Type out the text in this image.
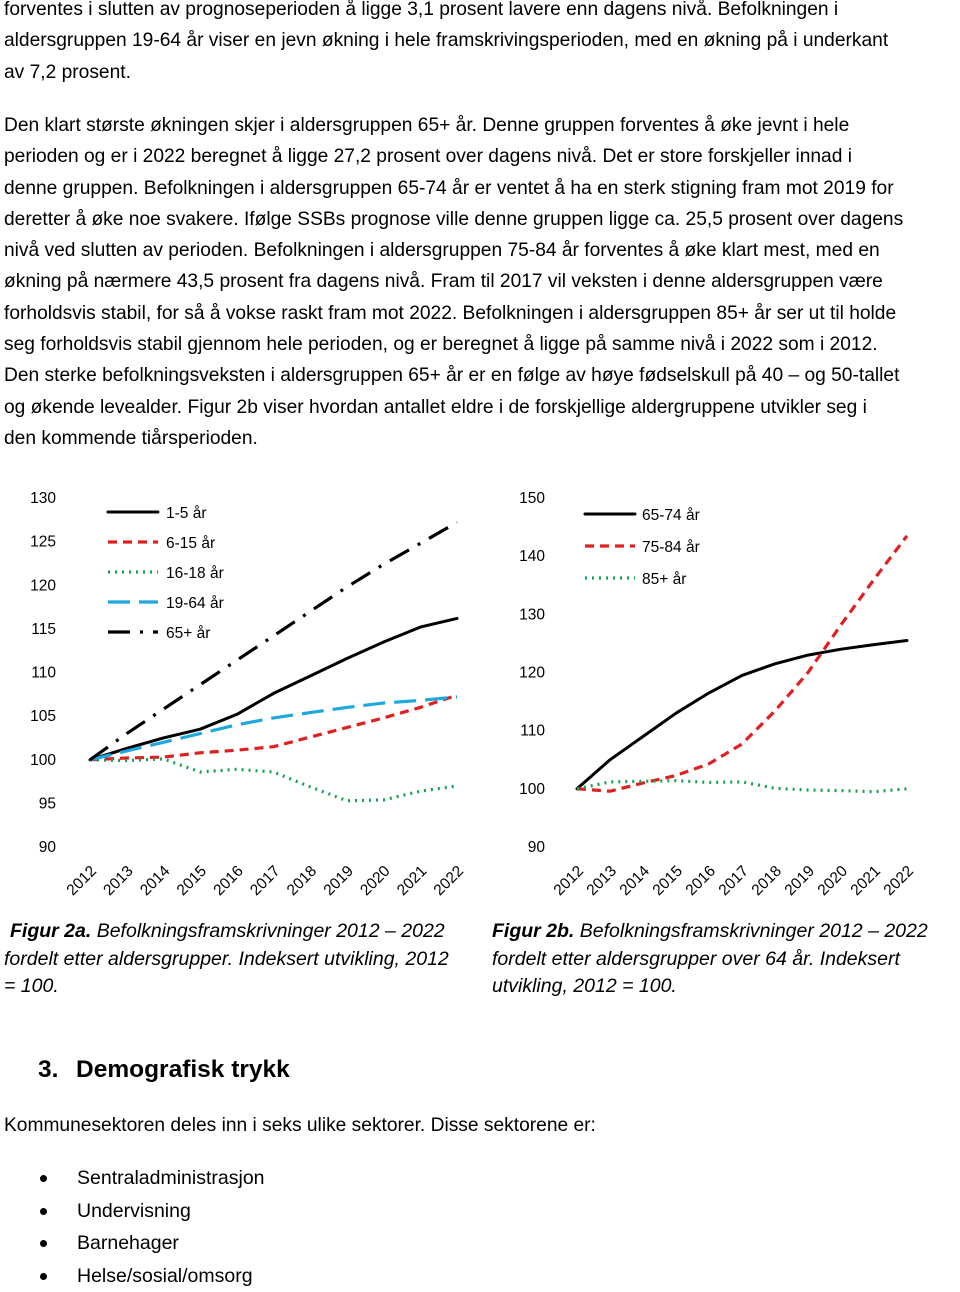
forventes i slutten av prognoseperioden å ligge 3,1 prosent lavere enn dagens nivå. Befolkningen i
aldersgruppen 19-64 år viser en jevn økning i hele framskrivingsperioden, med en økning på i underkant
av 7,2 prosent.

Den klart største økningen skjer i aldersgruppen 65+ år. Denne gruppen forventes å øke jevnt i hele
perioden og er i 2022 beregnet å ligge 27,2 prosent over dagens nivå. Det er store forskjeller innad i
denne gruppen. Befolkningen i aldersgruppen 65-74 år er ventet å ha en sterk stigning fram mot 2019 for
deretter å øke noe svakere. Ifølge SSBs prognose ville denne gruppen ligge ca. 25,5 prosent over dagens
nivå ved slutten av perioden. Befolkningen i aldersgruppen 75-84 år forventes å øke klart mest, med en
økning på nærmere 43,5 prosent fra dagens nivå. Fram til 2017 vil veksten i denne aldersgruppen være
forholdsvis stabil, for så å vokse raskt fram mot 2022. Befolkningen i aldersgruppen 85+ år ser ut til holde
seg forholdsvis stabil gjennom hele perioden, og er beregnet å ligge på samme nivå i 2022 som i 2012.
Den sterke befolkningsveksten i aldersgruppen 65+ år er en følge av høye fødselskull på 40 – og 50-tallet
og økende levealder. Figur 2b viser hvordan antallet eldre i de forskjellige aldergruppene utvikler seg i
den kommende tiårsperioden.

90
95
100
105
110
115
120
125
130
2012 2013 2014 2015 2016 2017 2018 2019 2020 2021 2022
1-5 år
6-15 år
16-18 år
19-64 år
65+ år
90
100
110
120
130
140
150
2012
2013
2014
2015
2016
2017
2018
2019
2020
2021
2022
65-74 år
75-84 år
85+ år

Figur 2a. Befolkningsframskrivninger 2012 – 2022 fordelt etter aldersgrupper. Indeksert utvikling, 2012 = 100.

Figur 2b. Befolkningsframskrivninger 2012 – 2022 fordelt etter aldersgrupper over 64 år. Indeksert utvikling, 2012 = 100.

3. Demografisk trykk

Kommunesektoren deles inn i seks ulike sektorer. Disse sektorene er:

Sentraladministrasjon
Undervisning
Barnehager
Helse/sosial/omsorg
